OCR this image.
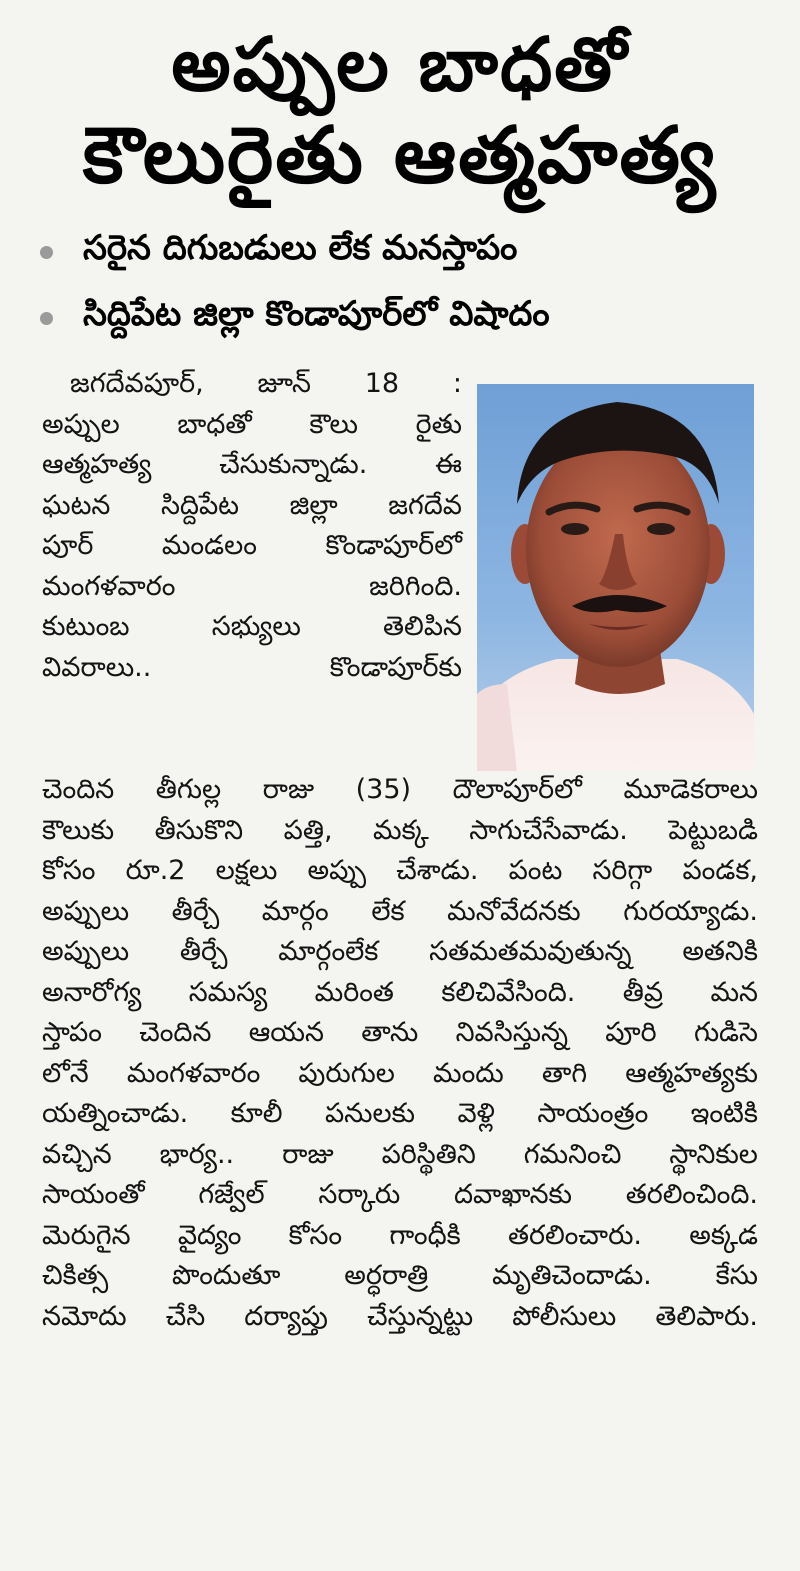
అప్పుల బాధతో
కౌలురైతు ఆత్మహత్య
సరైన దిగుబడులు లేక మనస్తాపం
సిద్దిపేట జిల్లా కొండాపూర్‌లో విషాదం
జగదేవపూర్, జూన్ 18 :
అప్పుల బాధతో కౌలు రైతు
ఆత్మహత్య	చేసుకున్నాడు.	ఈ
ఘటన సిద్దిపేట జిల్లా జగదేవ
పూర్	మండలం	కొండాపూర్‌లో
మంగళవారం	జరిగింది.
కుటుంబ	సభ్యులు	తెలిపిన
వివరాలు..	కొండాపూర్‌కు
చెందిన తీగుల్ల రాజు (35) దౌలాపూర్‌లో మూడెకరాలు
కౌలుకు తీసుకొని పత్తి, మక్క సాగుచేసేవాడు. పెట్టుబడి
కోసం రూ.2 లక్షలు అప్పు చేశాడు. పంట సరిగ్గా పండక,
అప్పులు తీర్చే మార్గం లేక మనోవేదనకు గురయ్యాడు.
అప్పులు తీర్చే మార్గంలేక సతమతమవుతున్న అతనికి
అనారోగ్య సమస్య మరింత కలిచివేసింది. తీవ్ర మన
స్తాపం చెందిన ఆయన తాను నివసిస్తున్న పూరి గుడిసె
లోనే మంగళవారం పురుగుల మందు తాగి ఆత్మహత్యకు
యత్నించాడు. కూలీ పనులకు వెళ్లి సాయంత్రం ఇంటికి
వచ్చిన భార్య.. రాజు పరిస్థితిని గమనించి స్థానికుల
సాయంతో గజ్వేల్ సర్కారు దవాఖానకు తరలించింది.
మెరుగైన వైద్యం కోసం గాంధీకి తరలించారు. అక్కడ
చికిత్స పొందుతూ అర్ధరాత్రి మృతిచెందాడు. కేసు
నమోదు చేసి దర్యాప్తు చేస్తున్నట్టు పోలీసులు తెలిపారు.
